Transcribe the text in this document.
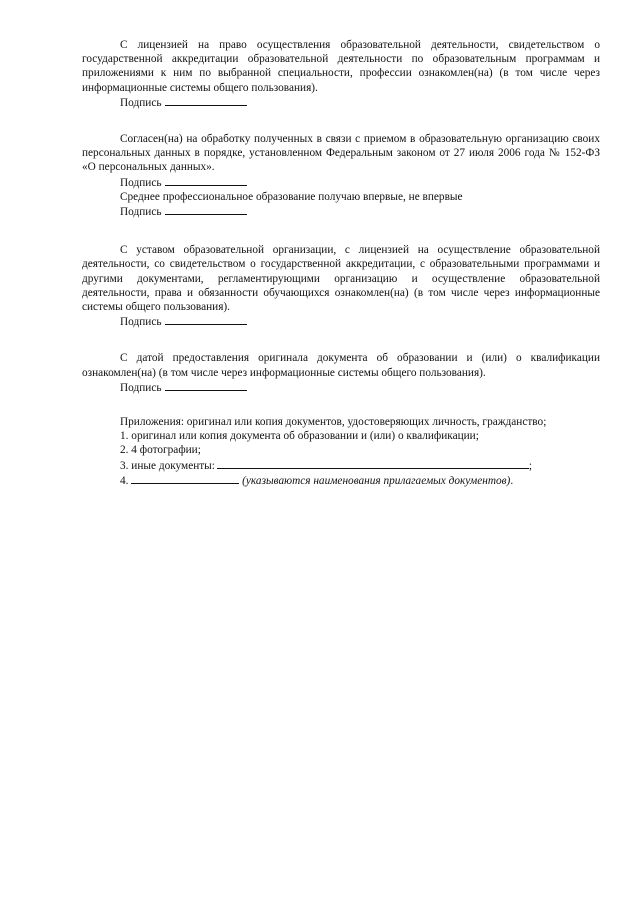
С лицензией на право осуществления образовательной деятельности, свидетельством о государственной аккредитации образовательной деятельности по образовательным программам и приложениями к ним по выбранной специальности, профессии ознакомлен(на) (в том числе через информационные системы общего пользования).

Подпись

Согласен(на) на обработку полученных в связи с приемом в образовательную организацию своих персональных данных в порядке, установленном Федеральным законом от 27 июля 2006 года № 152-ФЗ «О персональных данных».

Подпись

Среднее профессиональное образование получаю впервые, не впервые

Подпись

С уставом образовательной организации, с лицензией на осуществление образовательной деятельности, со свидетельством о государственной аккредитации, с образовательными программами и другими документами, регламентирующими организацию и осуществление образовательной деятельности, права и обязанности обучающихся ознакомлен(на) (в том числе через информационные системы общего пользования).

Подпись

С датой предоставления оригинала документа об образовании и (или) о квалификации ознакомлен(на) (в том числе через информационные системы общего пользования).

Подпись

Приложения: оригинал или копия документов, удостоверяющих личность, гражданство;

1. оригинал или копия документа об образовании и (или) о квалификации;

2. 4 фотографии;

3. иные документы:	;

4.	(указываются наименования прилагаемых документов).
